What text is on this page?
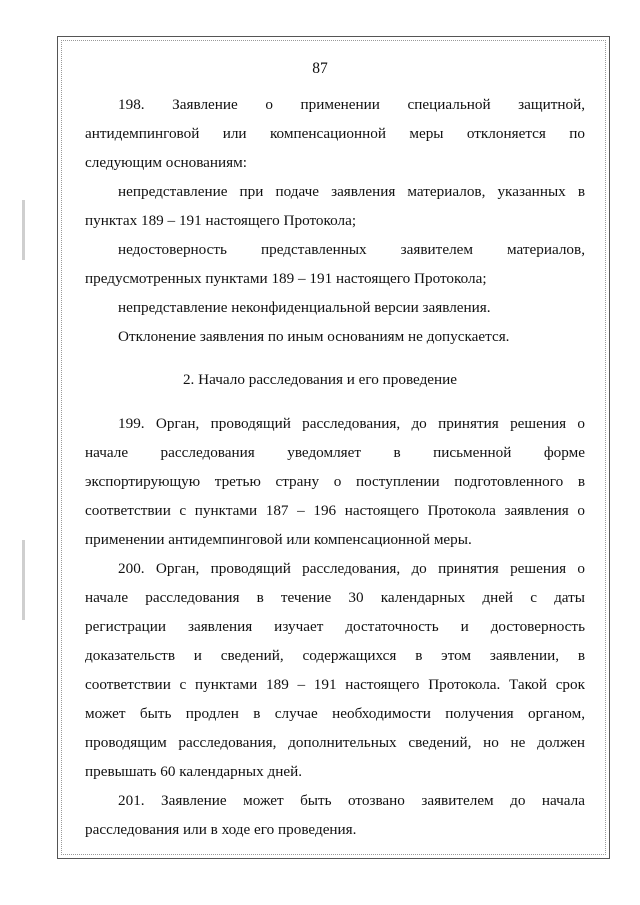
87
198. Заявление о применении специальной защитной,
антидемпинговой или компенсационной меры отклоняется по
следующим основаниям:
непредставление при подаче заявления материалов, указанных в
пунктах 189 – 191 настоящего Протокола;
недостоверность представленных заявителем материалов,
предусмотренных пунктами 189 – 191 настоящего Протокола;
непредставление неконфиденциальной версии заявления.
Отклонение заявления по иным основаниям не допускается.
2. Начало расследования и его проведение
199. Орган, проводящий расследования, до принятия решения о
начале расследования уведомляет в письменной форме
экспортирующую третью страну о поступлении подготовленного в
соответствии с пунктами 187 – 196 настоящего Протокола заявления о
применении антидемпинговой или компенсационной меры.
200. Орган, проводящий расследования, до принятия решения о
начале расследования в течение 30 календарных дней с даты
регистрации заявления изучает достаточность и достоверность
доказательств и сведений, содержащихся в этом заявлении, в
соответствии с пунктами 189 – 191 настоящего Протокола. Такой срок
может быть продлен в случае необходимости получения органом,
проводящим расследования, дополнительных сведений, но не должен
превышать 60 календарных дней.
201. Заявление может быть отозвано заявителем до начала
расследования или в ходе его проведения.
